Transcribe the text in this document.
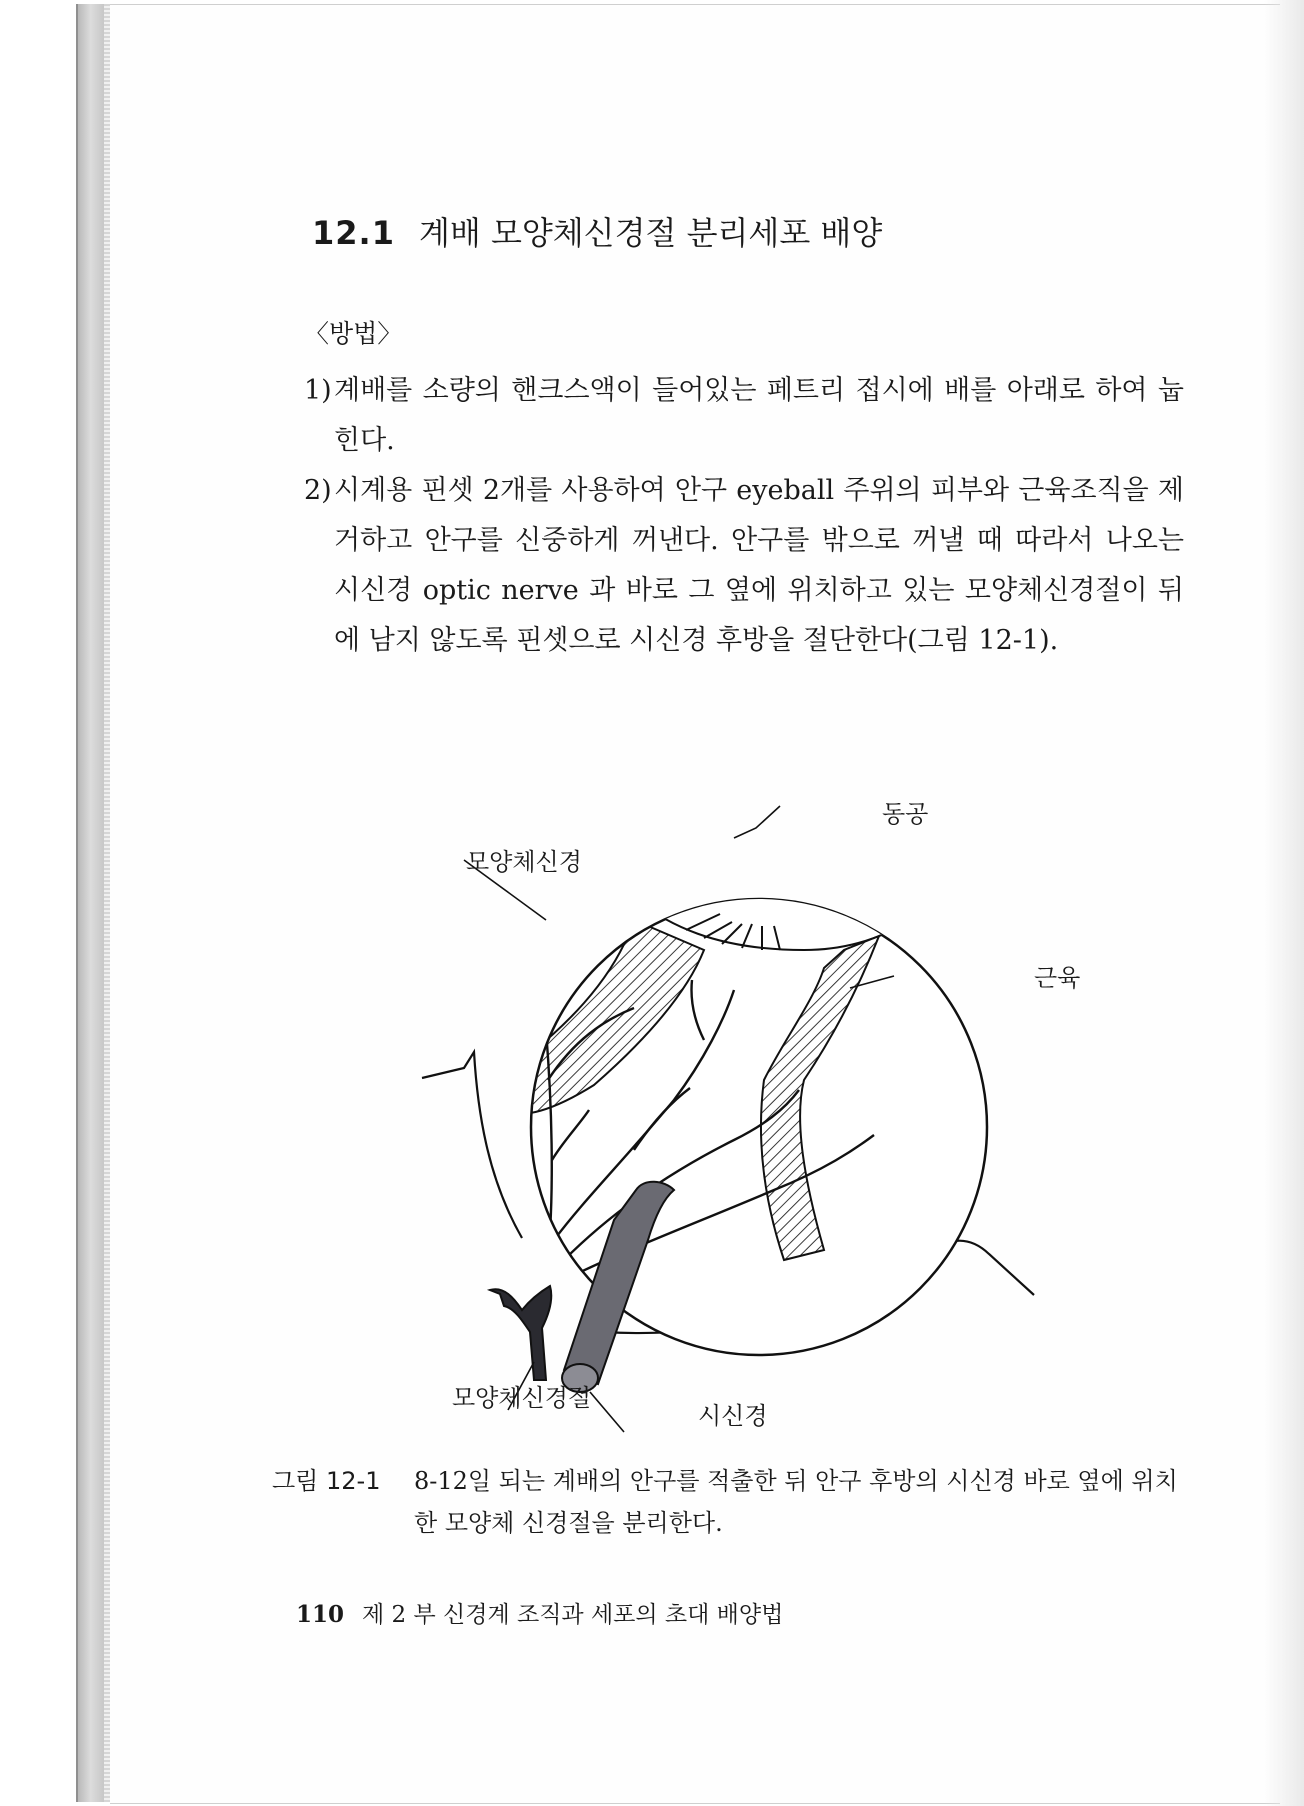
12.1 계배 모양체신경절 분리세포 배양
〈방법〉

1) 계배를 소량의 핸크스액이 들어있는 페트리 접시에 배를 아래로 하여 눕힌다.

2) 시계용 핀셋 2개를 사용하여 안구 eyeball 주위의 피부와 근육조직을 제거하고 안구를 신중하게 꺼낸다. 안구를 밖으로 꺼낼 때 따라서 나오는 시신경 optic nerve 과 바로 그 옆에 위치하고 있는 모양체신경절이 뒤에 남지 않도록 핀셋으로 시신경 후방을 절단한다(그림 12-1).

동공
모양체신경
근육
모양체신경절
시신경
그림 12-1 8-12일 되는 계배의 안구를 적출한 뒤 안구 후방의 시신경 바로 옆에 위치한 모양체 신경절을 분리한다.
110 제 2 부 신경계 조직과 세포의 초대 배양법
